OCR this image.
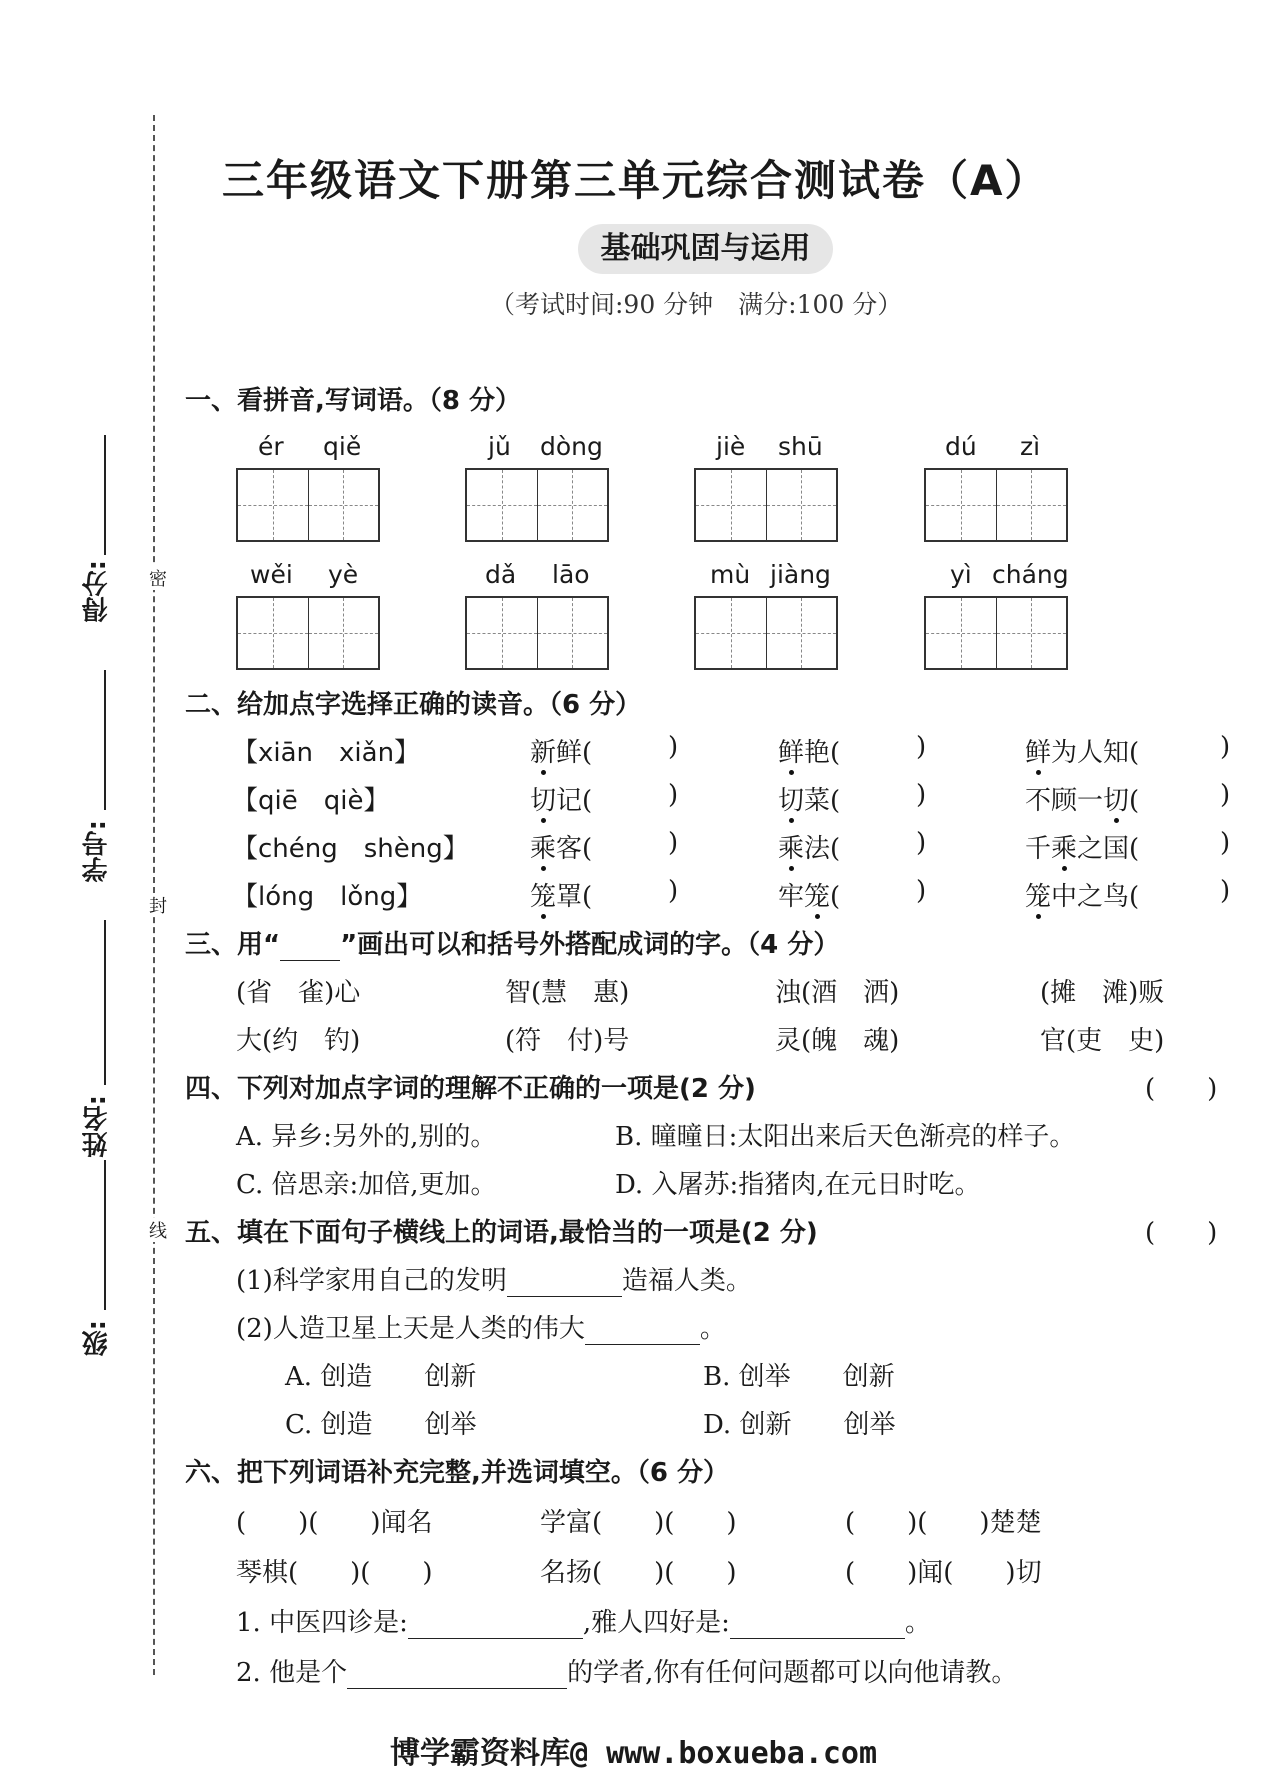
得分:
学号:
姓名:
级:
密
封
线
三年级语文下册第三单元综合测试卷（A）
基础巩固与运用
（考试时间:90 分钟　满分:100 分）
一、看拼音,写词语。（8 分）
ér qiě	jǔ dòng	jiè shū	dú zì
wěi yè	dǎ lāo	mù jiàng	yì cháng
二、给加点字选择正确的读音。（6 分）
【xiān　xiǎn】	新鲜(	)	鲜艳(	)	鲜为人知(	)
【qiē　qiè】	切记(	)	切菜(	)	不顾一切(	)
【chéng　shèng】 乘客(	)	乘法(	)	千乘之国(	)
【lóng　lǒng】	笼罩(	)	牢笼(	)	笼中之鸟(	)
三、用“ ”画出可以和括号外搭配成词的字。（4 分）
(省　雀)心	智(慧　惠)	浊(酒　洒)	(摊　滩)贩
大(约　钓)	(符　付)号	灵(魄　魂)	官(吏　史)
四、下列对加点字词的理解不正确的一项是(2 分)	(　　)
A. 异乡:另外的,别的。	B. 曈曈日:太阳出来后天色渐亮的样子。
C. 倍思亲:加倍,更加。	D. 入屠苏:指猪肉,在元日时吃。
五、填在下面句子横线上的词语,最恰当的一项是(2 分)	(　　)
(1)科学家用自己的发明	造福人类。
(2)人造卫星上天是人类的伟大	。
A. 创造　　创新	B. 创举　　创新
C. 创造　　创举	D. 创新　　创举
六、把下列词语补充完整,并选词填空。（6 分）
(　　)(　　)闻名	学富(　　)(　　)	(　　)(　　)楚楚
琴棋(　　)(　　)	名扬(　　)(　　)	(　　)闻(　　)切
1. 中医四诊是:	,雅人四好是:	。
2. 他是个	的学者,你有任何问题都可以向他请教。
博学霸资料库@ www.boxueba.com
